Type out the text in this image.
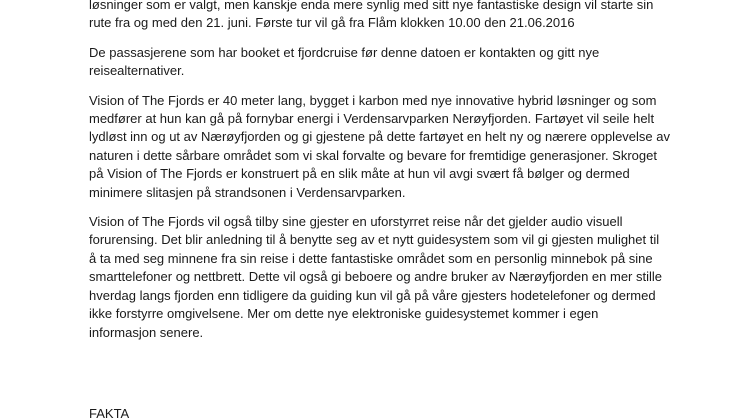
løsninger som er valgt, men kanskje enda mere synlig med sitt nye fantastiske design vil starte sin
rute fra og med den 21. juni. Første tur vil gå fra Flåm klokken 10.00 den 21.06.2016

De passasjerene som har booket et fjordcruise før denne datoen er kontakten og gitt nye
reisealternativer.

Vision of The Fjords er 40 meter lang, bygget i karbon med nye innovative hybrid løsninger og som
medfører at hun kan gå på fornybar energi i Verdensarvparken Nerøyfjorden. Fartøyet vil seile helt
lydløst inn og ut av Nærøyfjorden og gi gjestene på dette fartøyet en helt ny og nærere opplevelse av
naturen i dette sårbare området som vi skal forvalte og bevare for fremtidige generasjoner. Skroget
på Vision of The Fjords er konstruert på en slik måte at hun vil avgi svært få bølger og dermed
minimere slitasjen på strandsonen i Verdensarvparken.

Vision of The Fjords vil også tilby sine gjester en uforstyrret reise når det gjelder audio visuell
forurensing. Det blir anledning til å benytte seg av et nytt guidesystem som vil gi gjesten mulighet til
å ta med seg minnene fra sin reise i dette fantastiske området som en personlig minnebok på sine
smarttelefoner og nettbrett. Dette vil også gi beboere og andre bruker av Nærøyfjorden en mer stille
hverdag langs fjorden enn tidligere da guiding kun vil gå på våre gjesters hodetelefoner og dermed
ikke forstyrre omgivelsene. Mer om dette nye elektroniske guidesystemet kommer i egen
informasjon senere.

FAKTA
